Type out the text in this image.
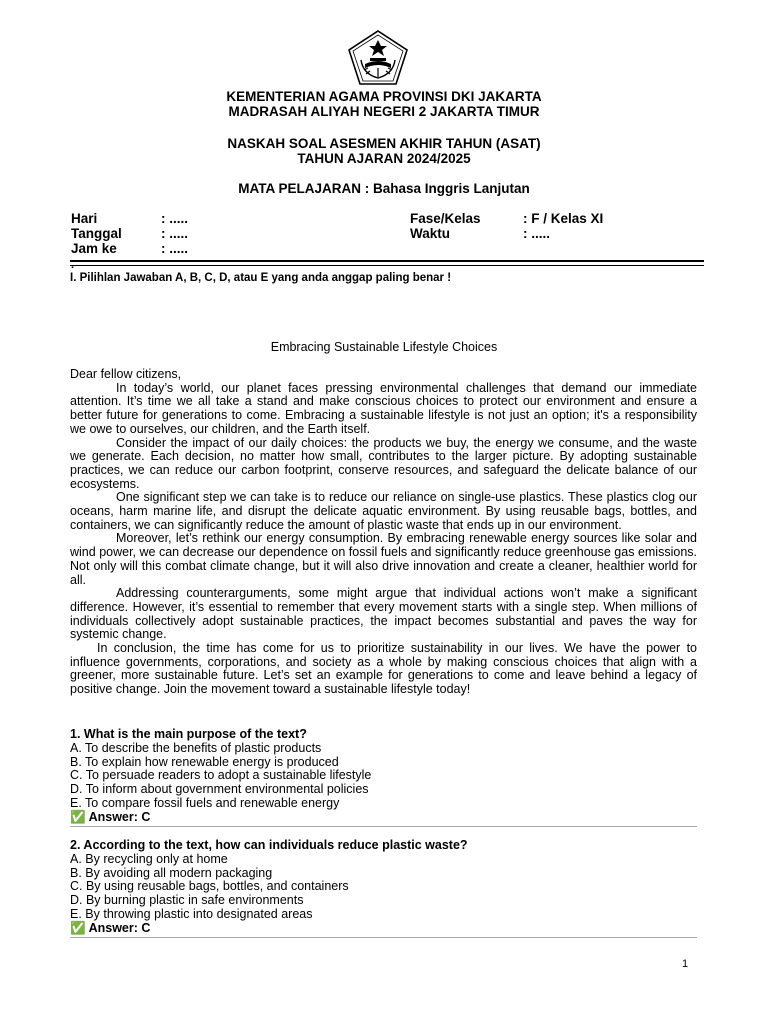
KEMENTERIAN AGAMA PROVINSI DKI JAKARTA
MADRASAH ALIYAH NEGERI 2 JAKARTA TIMUR
NASKAH SOAL ASESMEN AKHIR TAHUN (ASAT)
TAHUN AJARAN 2024/2025
MATA PELAJARAN : Bahasa Inggris Lanjutan
Hari	: .....
Tanggal	: .....
Jam ke	: .....
Fase/Kelas	: F / Kelas XI
Waktu	: .....
.
I. Pilihlan Jawaban A, B, C, D, atau E yang anda anggap paling benar !
Embracing Sustainable Lifestyle Choices

Dear fellow citizens,

In today’s world, our planet faces pressing environmental challenges that demand our immediate attention. It’s time we all take a stand and make conscious choices to protect our environment and ensure a better future for generations to come. Embracing a sustainable lifestyle is not just an option; it's a responsibility we owe to ourselves, our children, and the Earth itself.

Consider the impact of our daily choices: the products we buy, the energy we consume, and the waste we generate. Each decision, no matter how small, contributes to the larger picture. By adopting sustainable practices, we can reduce our carbon footprint, conserve resources, and safeguard the delicate balance of our ecosystems.

One significant step we can take is to reduce our reliance on single-use plastics. These plastics clog our oceans, harm marine life, and disrupt the delicate aquatic environment. By using reusable bags, bottles, and containers, we can significantly reduce the amount of plastic waste that ends up in our environment.

Moreover, let’s rethink our energy consumption. By embracing renewable energy sources like solar and wind power, we can decrease our dependence on fossil fuels and significantly reduce greenhouse gas emissions. Not only will this combat climate change, but it will also drive innovation and create a cleaner, healthier world for all.

Addressing counterarguments, some might argue that individual actions won’t make a significant difference. However, it’s essential to remember that every movement starts with a single step. When millions of individuals collectively adopt sustainable practices, the impact becomes substantial and paves the way for systemic change.

In conclusion, the time has come for us to prioritize sustainability in our lives. We have the power to influence governments, corporations, and society as a whole by making conscious choices that align with a greener, more sustainable future. Let’s set an example for generations to come and leave behind a legacy of positive change. Join the movement toward a sustainable lifestyle today!

1. What is the main purpose of the text?
A. To describe the benefits of plastic products
B. To explain how renewable energy is produced
C. To persuade readers to adopt a sustainable lifestyle
D. To inform about government environmental policies
E. To compare fossil fuels and renewable energy
✅ Answer: C
2. According to the text, how can individuals reduce plastic waste?
A. By recycling only at home
B. By avoiding all modern packaging
C. By using reusable bags, bottles, and containers
D. By burning plastic in safe environments
E. By throwing plastic into designated areas
✅ Answer: C
1
